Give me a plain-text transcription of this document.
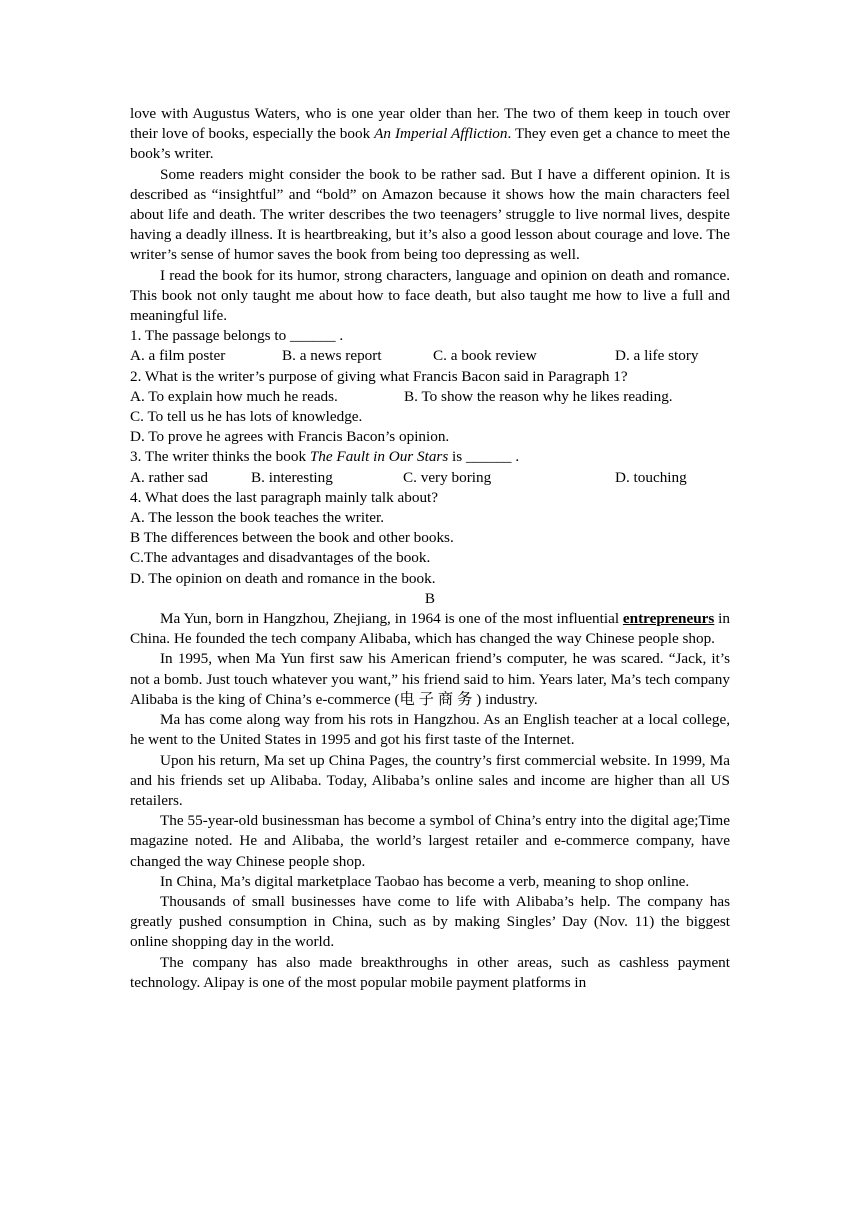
love with Augustus Waters, who is one year older than her. The two of them keep in touch over their love of books, especially the book An Imperial Affliction. They even get a chance to meet the book’s writer.

Some readers might consider the book to be rather sad. But I have a different opinion. It is described as “insightful” and “bold” on Amazon because it shows how the main characters feel about life and death. The writer describes the two teenagers’ struggle to live normal lives, despite having a deadly illness. It is heartbreaking, but it’s also a good lesson about courage and love. The writer’s sense of humor saves the book from being too depressing as well.

I read the book for its humor, strong characters, language and opinion on death and romance. This book not only taught me about how to face death, but also taught me how to live a full and meaningful life.

1. The passage belongs to ______ .

A. a film poster	B. a news report	C. a book review	D. a life story

2. What is the writer’s purpose of giving what Francis Bacon said in Paragraph 1?

A. To explain how much he reads.	B. To show the reason why he likes reading.

C. To tell us he has lots of knowledge.

D. To prove he agrees with Francis Bacon’s opinion.

3. The writer thinks the book The Fault in Our Stars is ______ .

A. rather sad	B. interesting	C. very boring	D. touching

4. What does the last paragraph mainly talk about?

A. The lesson the book teaches the writer.

B The differences between the book and other books.

C.The advantages and disadvantages of the book.

D. The opinion on death and romance in the book.

B

Ma Yun, born in Hangzhou, Zhejiang, in 1964 is one of the most influential entrepreneurs in China. He founded the tech company Alibaba, which has changed the way Chinese people shop.

In 1995, when Ma Yun first saw his American friend’s computer, he was scared. “Jack, it’s not a bomb. Just touch whatever you want,” his friend said to him. Years later, Ma’s tech company Alibaba is the king of China’s e-commerce (电子商务) industry.

Ma has come along way from his rots in Hangzhou. As an English teacher at a local college, he went to the United States in 1995 and got his first taste of the Internet.

Upon his return, Ma set up China Pages, the country’s first commercial website. In 1999, Ma and his friends set up Alibaba. Today, Alibaba’s online sales and income are higher than all US retailers.

The 55-year-old businessman has become a symbol of China’s entry into the digital age;Time magazine noted. He and Alibaba, the world’s largest retailer and e-commerce company, have changed the way Chinese people shop.

In China, Ma’s digital marketplace Taobao has become a verb, meaning to shop online.

Thousands of small businesses have come to life with Alibaba’s help. The company has greatly pushed consumption in China, such as by making Singles’ Day (Nov. 11) the biggest online shopping day in the world.

The company has also made breakthroughs in other areas, such as cashless payment technology. Alipay is one of the most popular mobile payment platforms in
